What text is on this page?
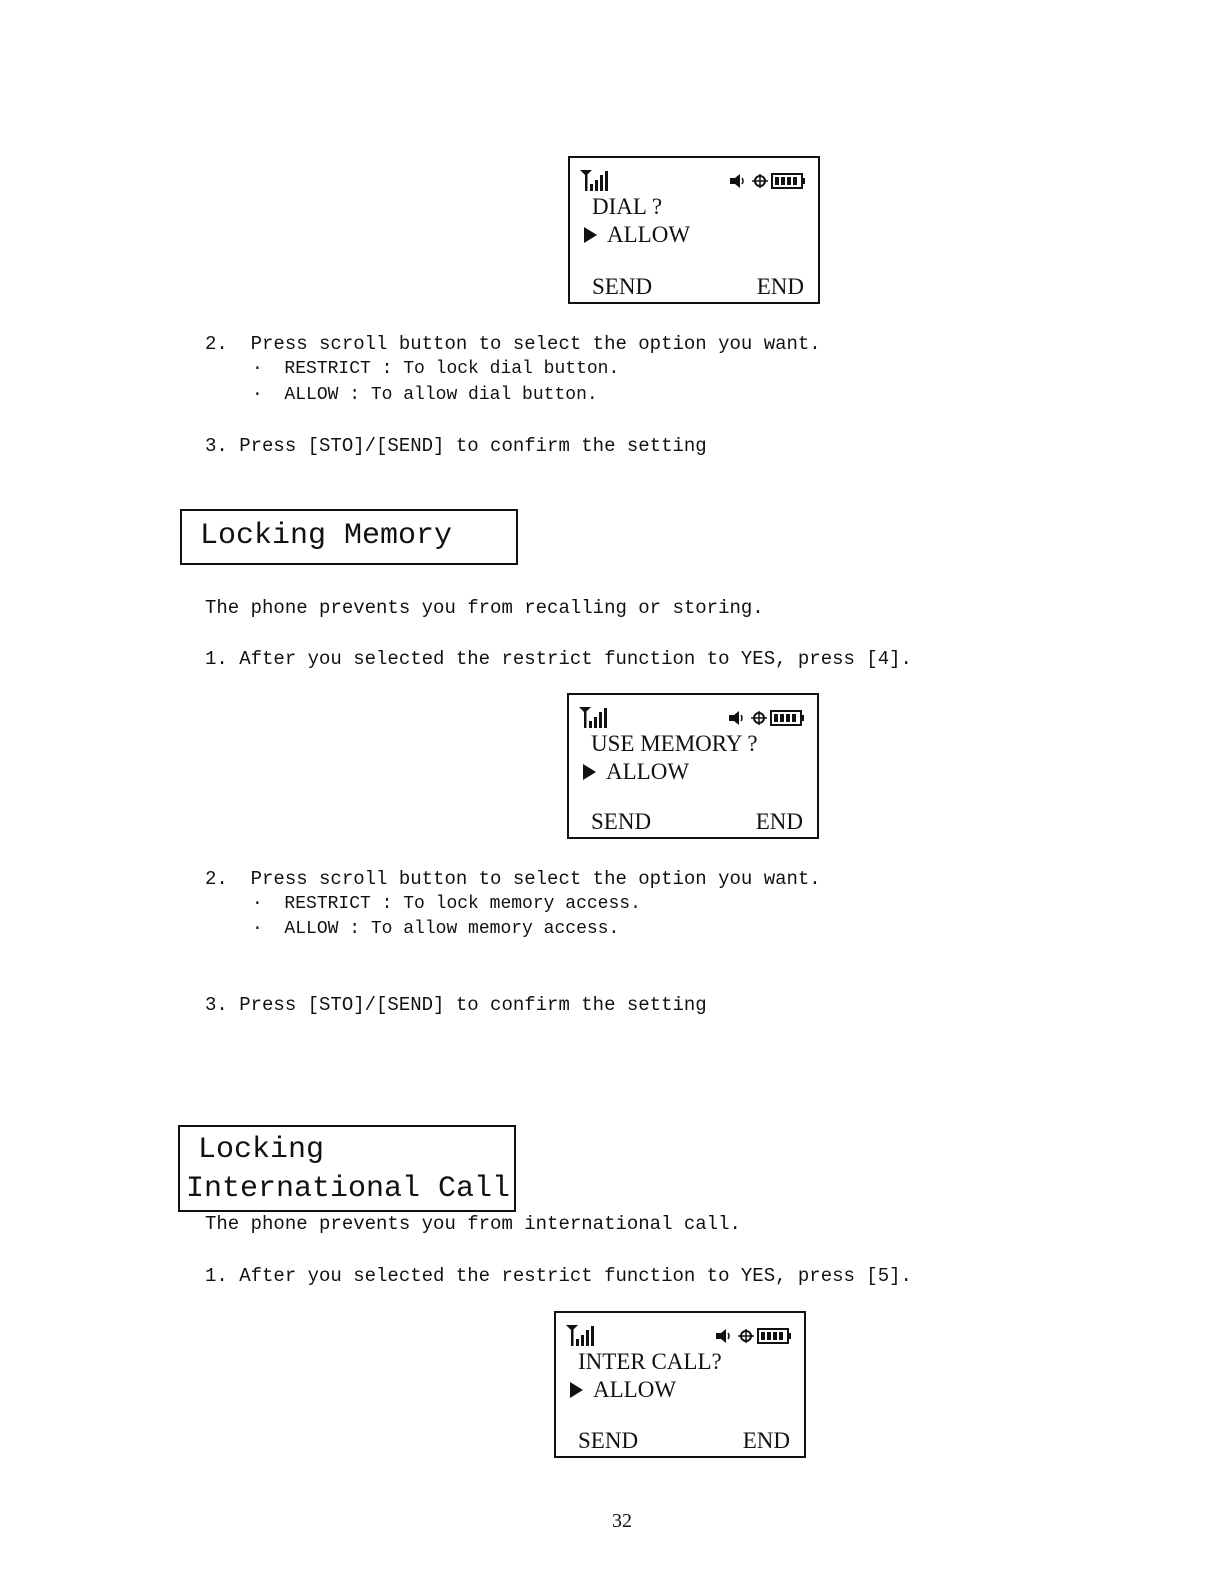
DIAL ?
ALLOW
SEND	END
2.  Press scroll button to select the option you want.
· RESTRICT : To lock dial button.
· ALLOW : To allow dial button.
3. Press [STO]/[SEND] to confirm the setting
Locking Memory
The phone prevents you from recalling or storing.
1. After you selected the restrict function to YES, press [4].
USE MEMORY ?
ALLOW
SEND	END
2.  Press scroll button to select the option you want.
· RESTRICT : To lock memory access.
· ALLOW : To allow memory access.
3. Press [STO]/[SEND] to confirm the setting
Locking
International Call
The phone prevents you from international call.
1. After you selected the restrict function to YES, press [5].
INTER CALL?
ALLOW
SEND	END
32
